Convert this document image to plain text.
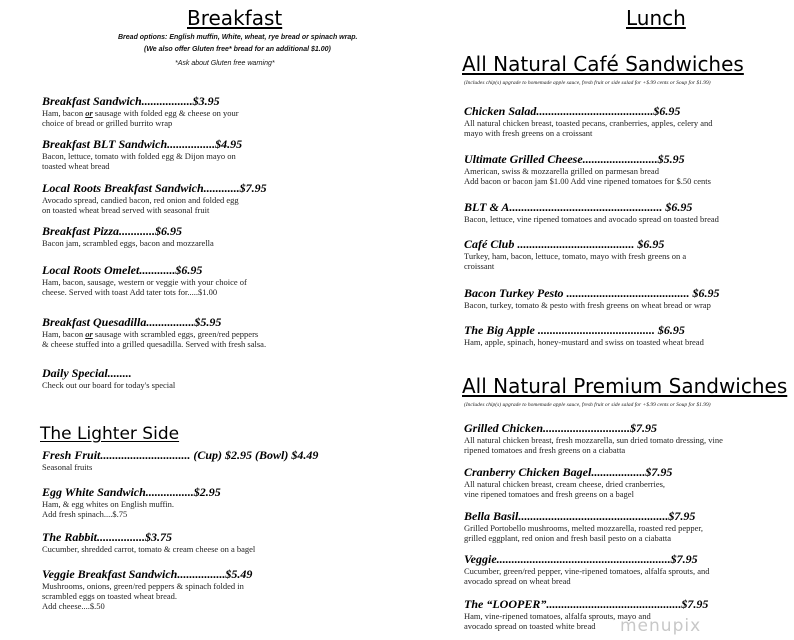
Breakfast
Bread options: English muffin, White, wheat, rye bread or spinach wrap.
(We also offer Gluten free* bread for an additional $1.00)
*Ask about Gluten free warning*
Breakfast Sandwich.................$3.95
Ham, bacon or sausage with folded egg & cheese on your
choice of bread or grilled burrito wrap
Breakfast BLT Sandwich................$4.95
Bacon, lettuce, tomato with folded egg & Dijon mayo on
toasted wheat bread
Local Roots Breakfast Sandwich............$7.95
Avocado spread, candied bacon, red onion and folded egg
on toasted wheat bread served with seasonal fruit
Breakfast Pizza............$6.95
Bacon jam, scrambled eggs, bacon and mozzarella
Local Roots Omelet............$6.95
Ham, bacon, sausage, western or veggie with your choice of
cheese. Served with toast Add tater tots for.....$1.00
Breakfast Quesadilla................$5.95
Ham, bacon or sausage with scrambled eggs, green/red peppers
& cheese stuffed into a grilled quesadilla. Served with fresh salsa.
Daily Special........
Check out our board for today's special
The Lighter Side
Fresh Fruit.............................. (Cup) $2.95 (Bowl) $4.49
Seasonal fruits
Egg White Sandwich................$2.95
Ham, & egg whites on English muffin.
Add fresh spinach....$.75
The Rabbit................$3.75
Cucumber, shredded carrot, tomato & cream cheese on a bagel
Veggie Breakfast Sandwich................$5.49
Mushrooms, onions, green/red peppers & spinach folded in
scrambled eggs on toasted wheat bread.
Add cheese....$.50
Lunch
All Natural Café Sandwiches
(Includes chip(s) upgrade to homemade apple sauce, fresh fruit or side salad for +$.99 cents or Soup for $1.99)
Chicken Salad.......................................$6.95
All natural chicken breast, toasted pecans, cranberries, apples, celery and
mayo with fresh greens on a croissant
Ultimate Grilled Cheese.........................$5.95
American, swiss & mozzarella grilled on parmesan bread
Add bacon or bacon jam $1.00 Add vine ripened tomatoes for $.50 cents
BLT & A................................................... $6.95
Bacon, lettuce, vine ripened tomatoes and avocado spread on toasted bread
Café Club ....................................... $6.95
Turkey, ham, bacon, lettuce, tomato, mayo with fresh greens on a
croissant
Bacon Turkey Pesto ......................................... $6.95
Bacon, turkey, tomato & pesto with fresh greens on wheat bread or wrap
The Big Apple ....................................... $6.95
Ham, apple, spinach, honey-mustard and swiss on toasted wheat bread
All Natural Premium Sandwiches
(Includes chip(s) upgrade to homemade apple sauce, fresh fruit or side salad for +$.99 cents or Soup for $1.99)
Grilled Chicken.............................$7.95
All natural chicken breast, fresh mozzarella, sun dried tomato dressing, vine
ripened tomatoes and fresh greens on a ciabatta
Cranberry Chicken Bagel..................$7.95
All natural chicken breast, cream cheese, dried cranberries,
vine ripened tomatoes and fresh greens on a bagel
Bella Basil..................................................$7.95
Grilled Portobello mushrooms, melted mozzarella, roasted red pepper,
grilled eggplant, red onion and fresh basil pesto on a ciabatta
Veggie..........................................................$7.95
Cucumber, green/red pepper, vine-ripened tomatoes, alfalfa sprouts, and
avocado spread on wheat bread
The “LOOPER”.............................................$7.95
Ham, vine-ripened tomatoes, alfalfa sprouts, mayo and
avocado spread on toasted white bread	menupix
